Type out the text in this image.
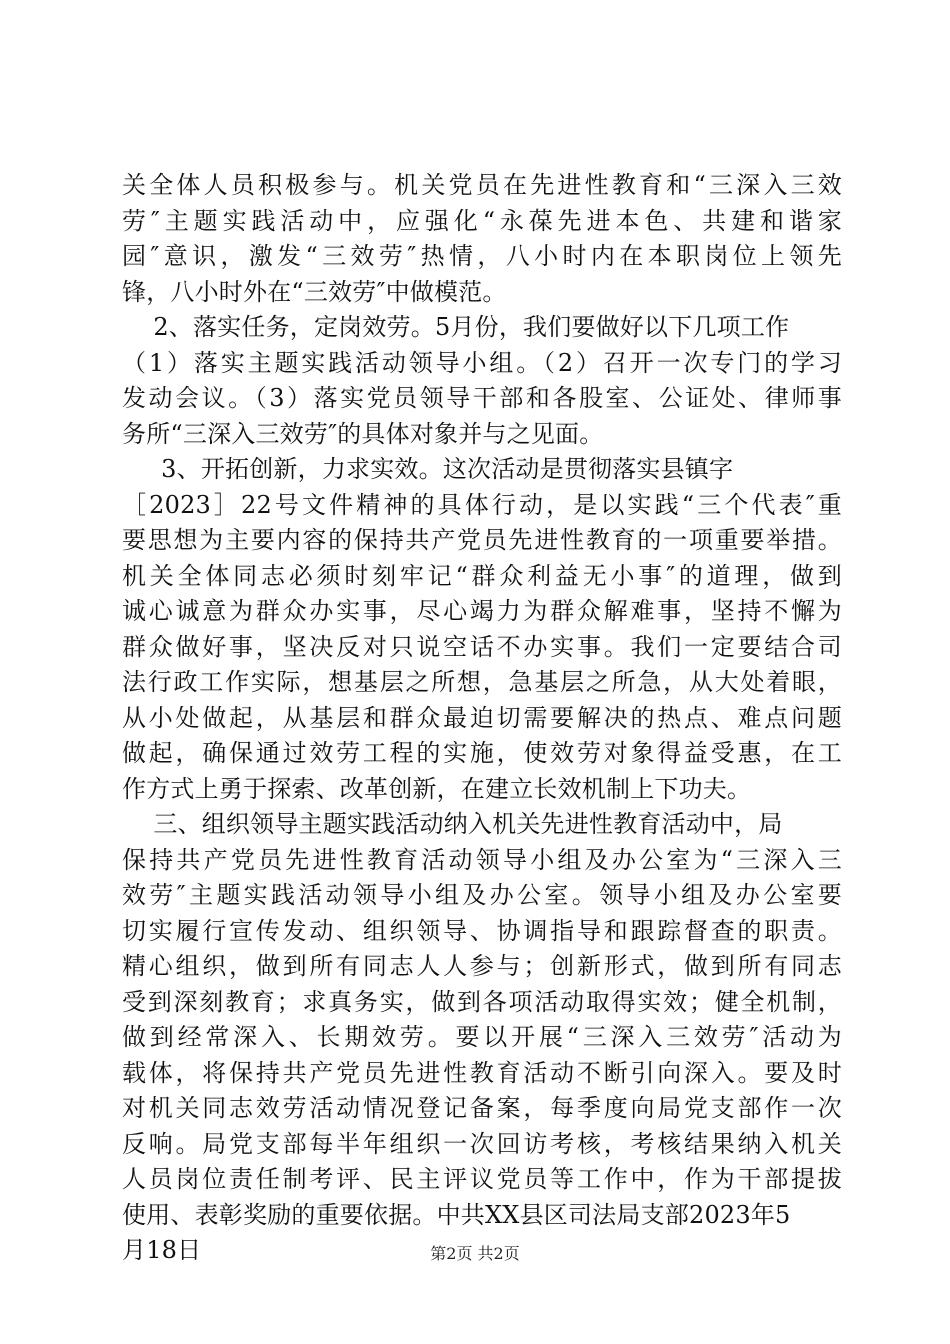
关全体人员积极参与。机关党员在先进性教育和“三深入三效
劳″主题实践活动中，应强化“永葆先进本色、共建和谐家
园″意识，激发“三效劳″热情，八小时内在本职岗位上领先
锋，八小时外在“三效劳″中做模范。
2、落实任务，定岗效劳。5月份，我们要做好以下几项工作
（1）落实主题实践活动领导小组。（2）召开一次专门的学习
发动会议。（3）落实党员领导干部和各股室、公证处、律师事
务所“三深入三效劳″的具体对象并与之见面。
3、开拓创新，力求实效。这次活动是贯彻落实县镇字
［2023］22号文件精神的具体行动，是以实践“三个代表″重
要思想为主要内容的保持共产党员先进性教育的一项重要举措。
机关全体同志必须时刻牢记“群众利益无小事″的道理，做到
诚心诚意为群众办实事，尽心竭力为群众解难事，坚持不懈为
群众做好事，坚决反对只说空话不办实事。我们一定要结合司
法行政工作实际，想基层之所想，急基层之所急，从大处着眼，
从小处做起，从基层和群众最迫切需要解决的热点、难点问题
做起，确保通过效劳工程的实施，使效劳对象得益受惠，在工
作方式上勇于探索、改革创新，在建立长效机制上下功夫。
三、组织领导主题实践活动纳入机关先进性教育活动中，局
保持共产党员先进性教育活动领导小组及办公室为“三深入三
效劳″主题实践活动领导小组及办公室。领导小组及办公室要
切实履行宣传发动、组织领导、协调指导和跟踪督查的职责。
精心组织，做到所有同志人人参与；创新形式，做到所有同志
受到深刻教育；求真务实，做到各项活动取得实效；健全机制，
做到经常深入、长期效劳。要以开展“三深入三效劳″活动为
载体，将保持共产党员先进性教育活动不断引向深入。要及时
对机关同志效劳活动情况登记备案，每季度向局党支部作一次
反响。局党支部每半年组织一次回访考核，考核结果纳入机关
人员岗位责任制考评、民主评议党员等工作中，作为干部提拔
使用、表彰奖励的重要依据。中共XX县区司法局支部2023年5
月18日	第2页 共2页
